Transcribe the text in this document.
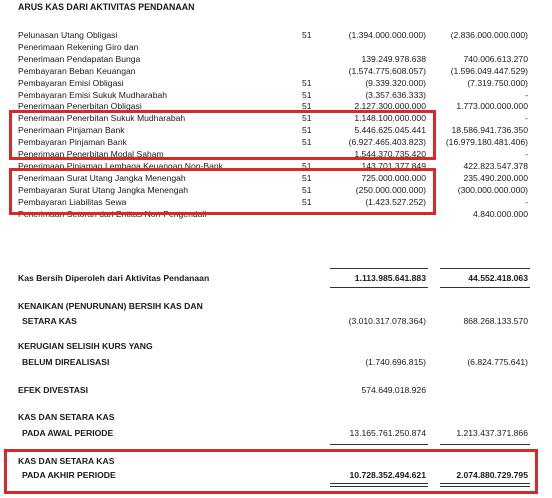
ARUS KAS DARI AKTIVITAS PENDANAAN
Pelunasan Utang Obligasi	51	(1.394.000.000.000)	(2.836.000.000.000)
Penerimaan Rekening Giro dan
Penerimaan Pendapatan Bunga	139.249.978.638	740.006.613.270
Pembayaran Beban Keuangan	(1.574.775.608.057)	(1.596.049.447.529)
Pembayaran Emisi Obligasi	51	(9.339.320.000)	(7.319.750.000)
Pembayaran Emisi Sukuk Mudharabah	51	(3.357.636.333)	-
Penerimaan Penerbitan Obligasi	51	2.127.300.000.000	1.773.000.000.000
Penerimaan Penerbitan Sukuk Mudharabah	51	1.148.100.000.000	-
Penerimaan Pinjaman Bank	51	5.446.625.045.441	18.586.941.736.350
Pembayaran Pinjaman Bank	51	(6.927.465.403.823) (16.979.180.481.406)
Penerimaan Penerbitan Modal Saham	1.544.370.735.420	-
Penerimaan Pinjaman Lembaga Keuangan Non-Bank	51	143.701.377.849	422.823.547.378
Penerimaan Surat Utang Jangka Menengah	51	725.000.000.000	235.490.200.000
Pembayaran Surat Utang Jangka Menengah	51	(250.000.000.000)	(300.000.000.000)
Pembayaran Liabilitas Sewa	51	(1.423.527.252)	-
Penerimaan Setoran dari Entitas Non-Pengendali	-	4.840.000.000
Kas Bersih Diperoleh dari Aktivitas Pendanaan	1.113.985.641.883	44.552.418.063
KENAIKAN (PENURUNAN) BERSIH KAS DAN
SETARA KAS	(3.010.317.078.364)	868.268.133.570
KERUGIAN SELISIH KURS YANG
BELUM DIREALISASI	(1.740.696.815)	(6.824.775.641)
EFEK DIVESTASI	574.649.018.926
KAS DAN SETARA KAS
PADA AWAL PERIODE	13.165.761.250.874	1.213.437.371.866
KAS DAN SETARA KAS
PADA AKHIR PERIODE	10.728.352.494.621	2.074.880.729.795
